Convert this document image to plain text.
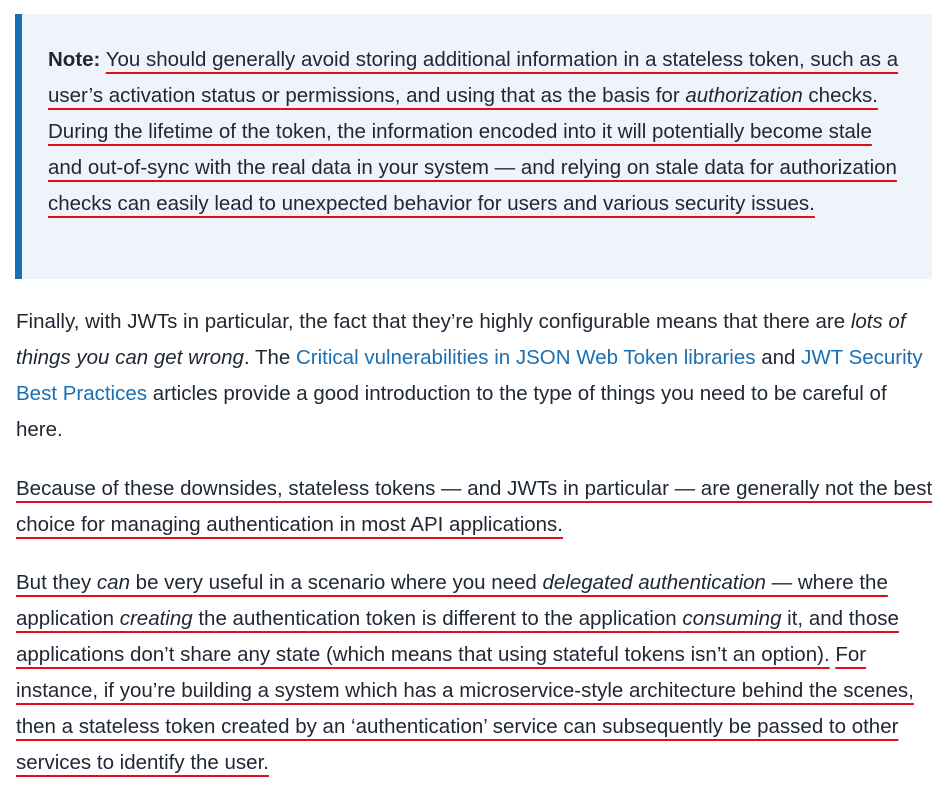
Note: You should generally avoid storing additional information in a stateless token, such as a user’s activation status or permissions, and using that as the basis for authorization checks. During the lifetime of the token, the information encoded into it will potentially become stale and out-of-sync with the real data in your system — and relying on stale data for authorization checks can easily lead to unexpected behavior for users and various security issues.

Finally, with JWTs in particular, the fact that they’re highly configurable means that there are lots of things you can get wrong. The Critical vulnerabilities in JSON Web Token libraries and JWT Security Best Practices articles provide a good introduction to the type of things you need to be careful of here.

Because of these downsides, stateless tokens — and JWTs in particular — are generally not the best choice for managing authentication in most API applications.

But they can be very useful in a scenario where you need delegated authentication — where the application creating the authentication token is different to the application consuming it, and those applications don’t share any state (which means that using stateful tokens isn’t an option). For instance, if you’re building a system which has a microservice-style architecture behind the scenes, then a stateless token created by an ‘authentication’ service can subsequently be passed to other services to identify the user.
